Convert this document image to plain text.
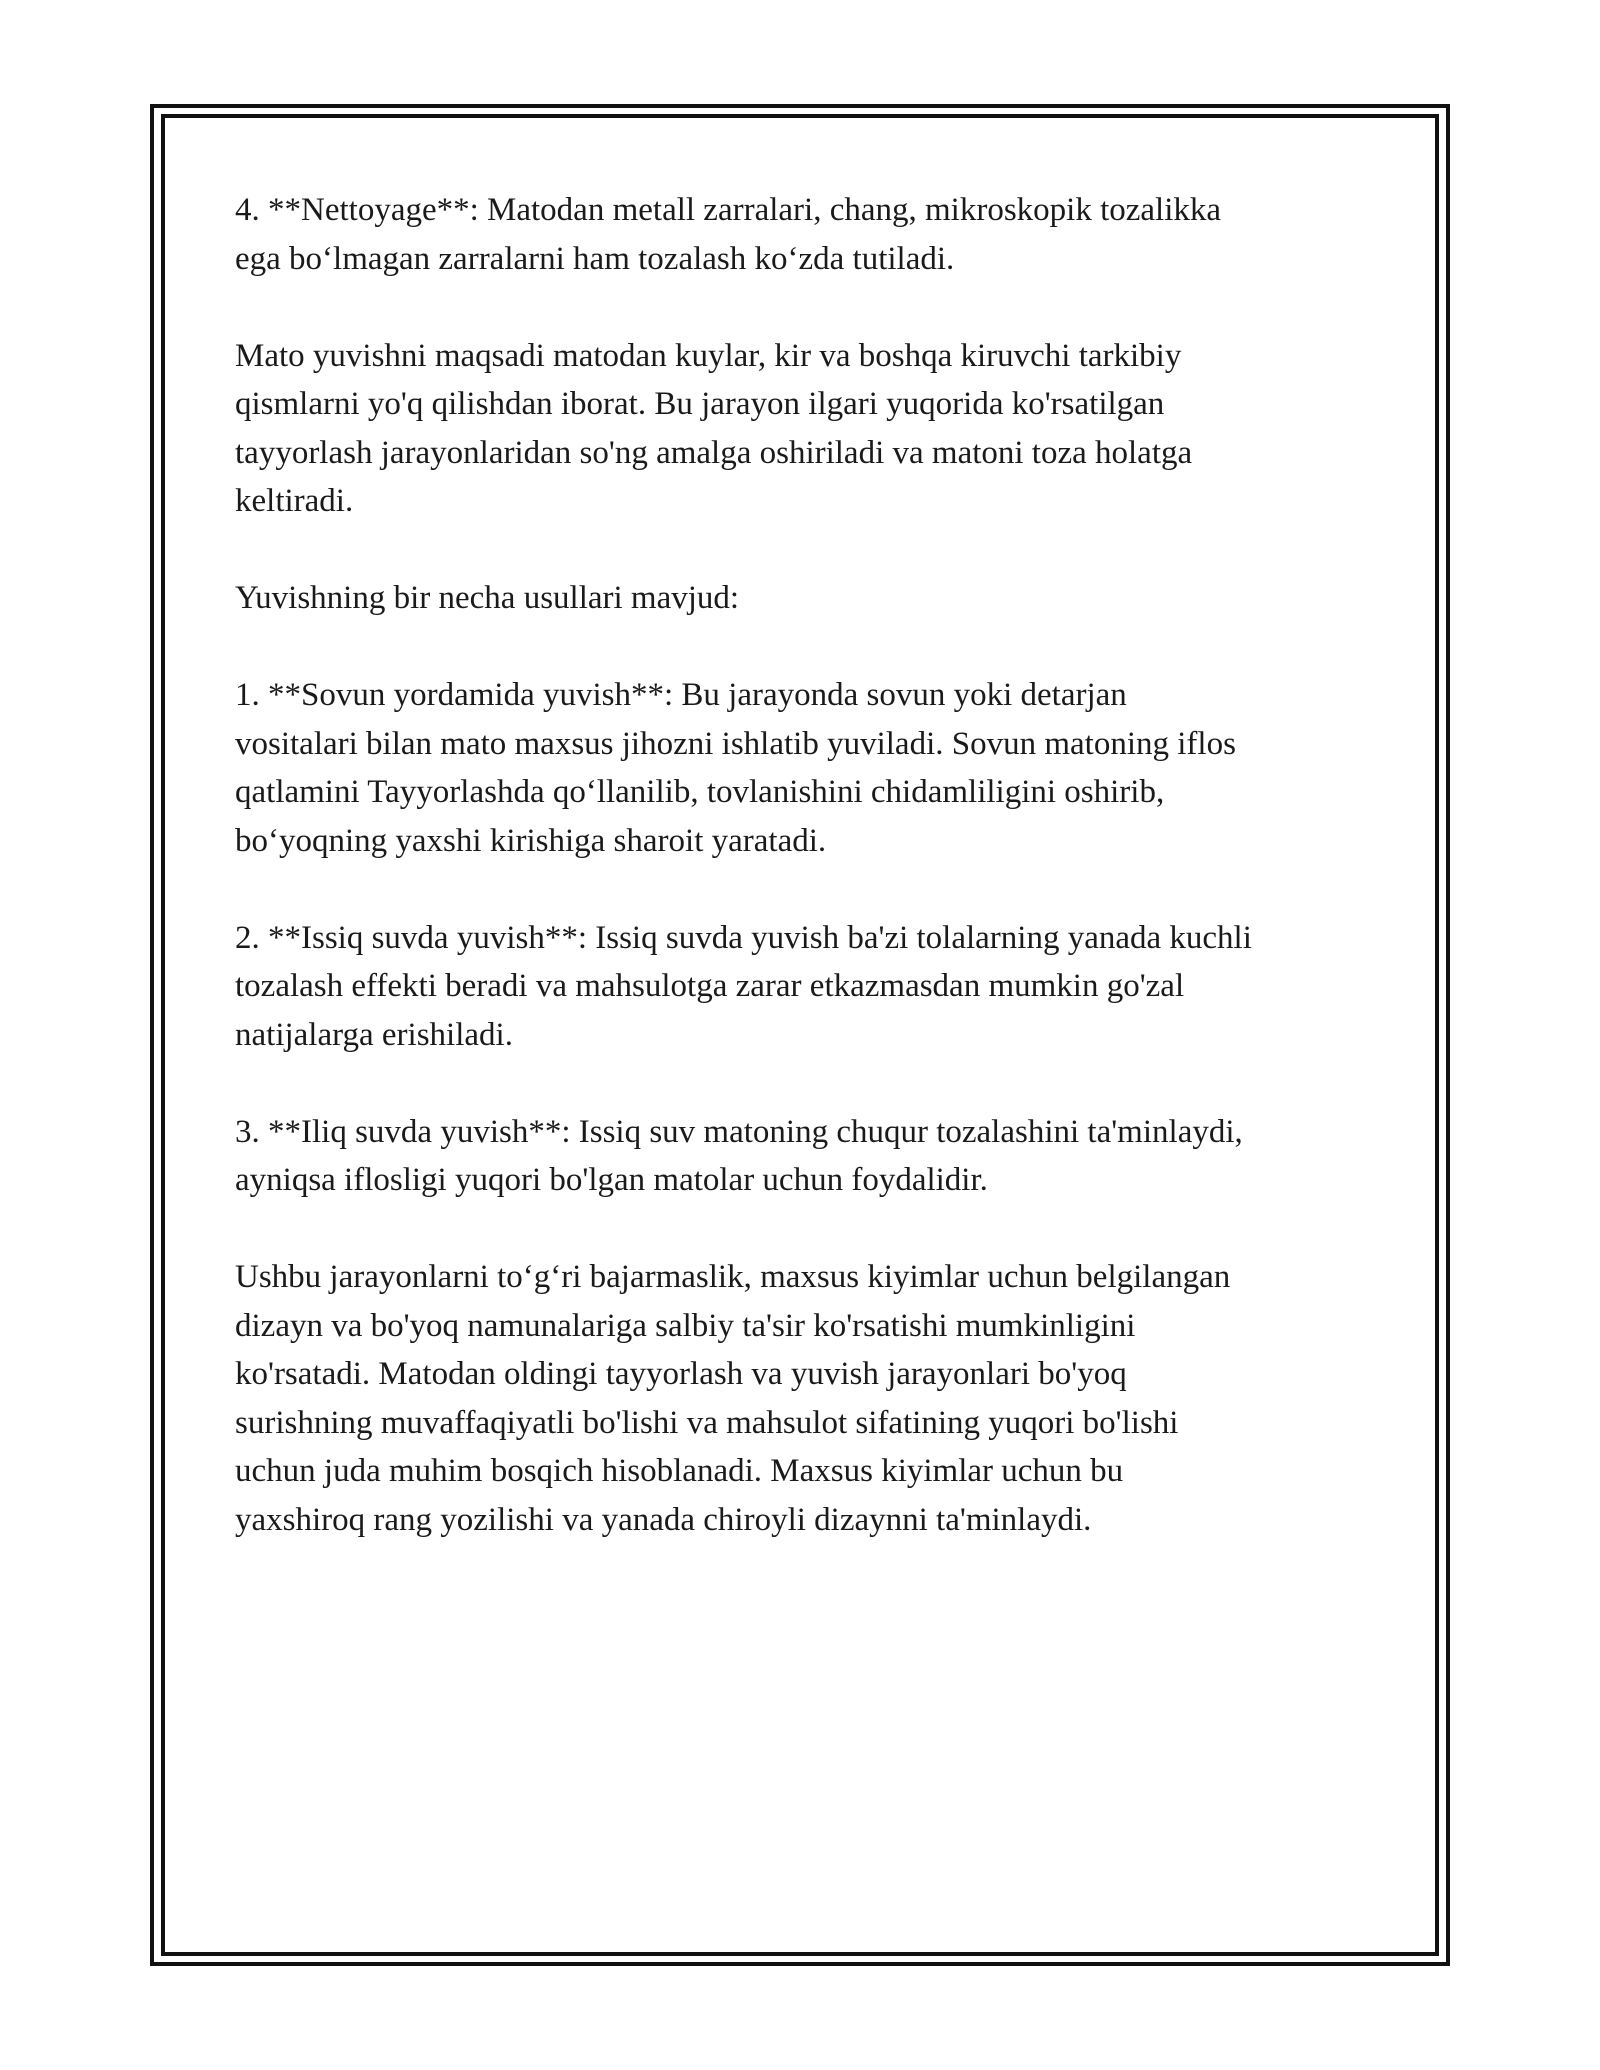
4. **Nettoyage**: Matodan metall zarralari, chang, mikroskopik tozalikka
ega boʻlmagan zarralarni ham tozalash koʻzda tutiladi.

Mato yuvishni maqsadi matodan kuylar, kir va boshqa kiruvchi tarkibiy
qismlarni yo'q qilishdan iborat. Bu jarayon ilgari yuqorida ko'rsatilgan
tayyorlash jarayonlaridan so'ng amalga oshiriladi va matoni toza holatga
keltiradi.

Yuvishning bir necha usullari mavjud:

1. **Sovun yordamida yuvish**: Bu jarayonda sovun yoki detarjan
vositalari bilan mato maxsus jihozni ishlatib yuviladi. Sovun matoning iflos
qatlamini Tayyorlashda qoʻllanilib, tovlanishini chidamliligini oshirib,
boʻyoqning yaxshi kirishiga sharoit yaratadi.

2. **Issiq suvda yuvish**: Issiq suvda yuvish ba'zi tolalarning yanada kuchli
tozalash effekti beradi va mahsulotga zarar etkazmasdan mumkin go'zal
natijalarga erishiladi.

3. **Iliq suvda yuvish**: Issiq suv matoning chuqur tozalashini ta'minlaydi,
ayniqsa iflosligi yuqori bo'lgan matolar uchun foydalidir.

Ushbu jarayonlarni toʻgʻri bajarmaslik, maxsus kiyimlar uchun belgilangan
dizayn va bo'yoq namunalariga salbiy ta'sir ko'rsatishi mumkinligini
ko'rsatadi. Matodan oldingi tayyorlash va yuvish jarayonlari bo'yoq
surishning muvaffaqiyatli bo'lishi va mahsulot sifatining yuqori bo'lishi
uchun juda muhim bosqich hisoblanadi. Maxsus kiyimlar uchun bu
yaxshiroq rang yozilishi va yanada chiroyli dizaynni ta'minlaydi.
